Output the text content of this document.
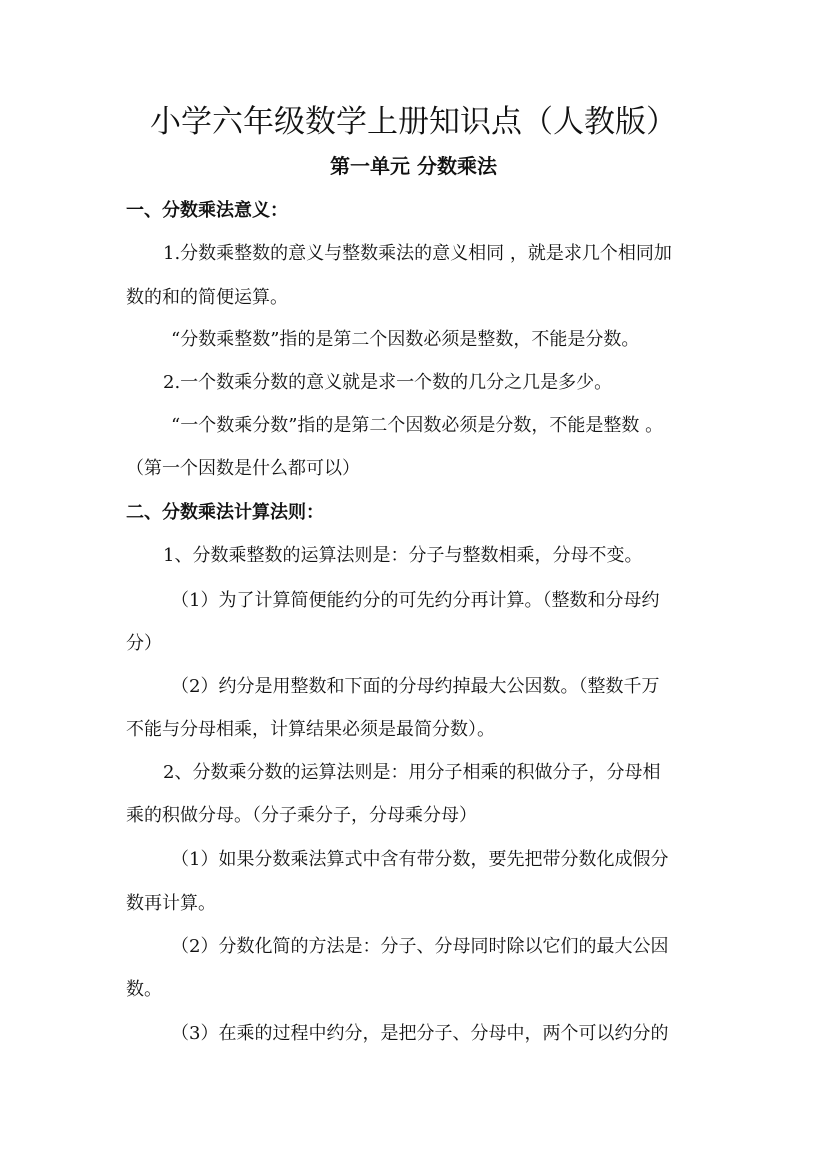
小学六年级数学上册知识点（人教版）
第一单元 分数乘法

一、分数乘法意义：

1.分数乘整数的意义与整数乘法的意义相同 ，就是求几个相同加

数的和的简便运算。

“分数乘整数”指的是第二个因数必须是整数，不能是分数。

2.一个数乘分数的意义就是求一个数的几分之几是多少。

“一个数乘分数”指的是第二个因数必须是分数，不能是整数 。

（第一个因数是什么都可以）

二、分数乘法计算法则：

1、分数乘整数的运算法则是：分子与整数相乘，分母不变。

（1）为了计算简便能约分的可先约分再计算。（整数和分母约

分）

（2）约分是用整数和下面的分母约掉最大公因数。（整数千万

不能与分母相乘，计算结果必须是最简分数）。

2、分数乘分数的运算法则是：用分子相乘的积做分子，分母相

乘的积做分母。（分子乘分子，分母乘分母）

（1）如果分数乘法算式中含有带分数，要先把带分数化成假分

数再计算。

（2）分数化简的方法是：分子、分母同时除以它们的最大公因

数。

（3）在乘的过程中约分，是把分子、分母中，两个可以约分的
